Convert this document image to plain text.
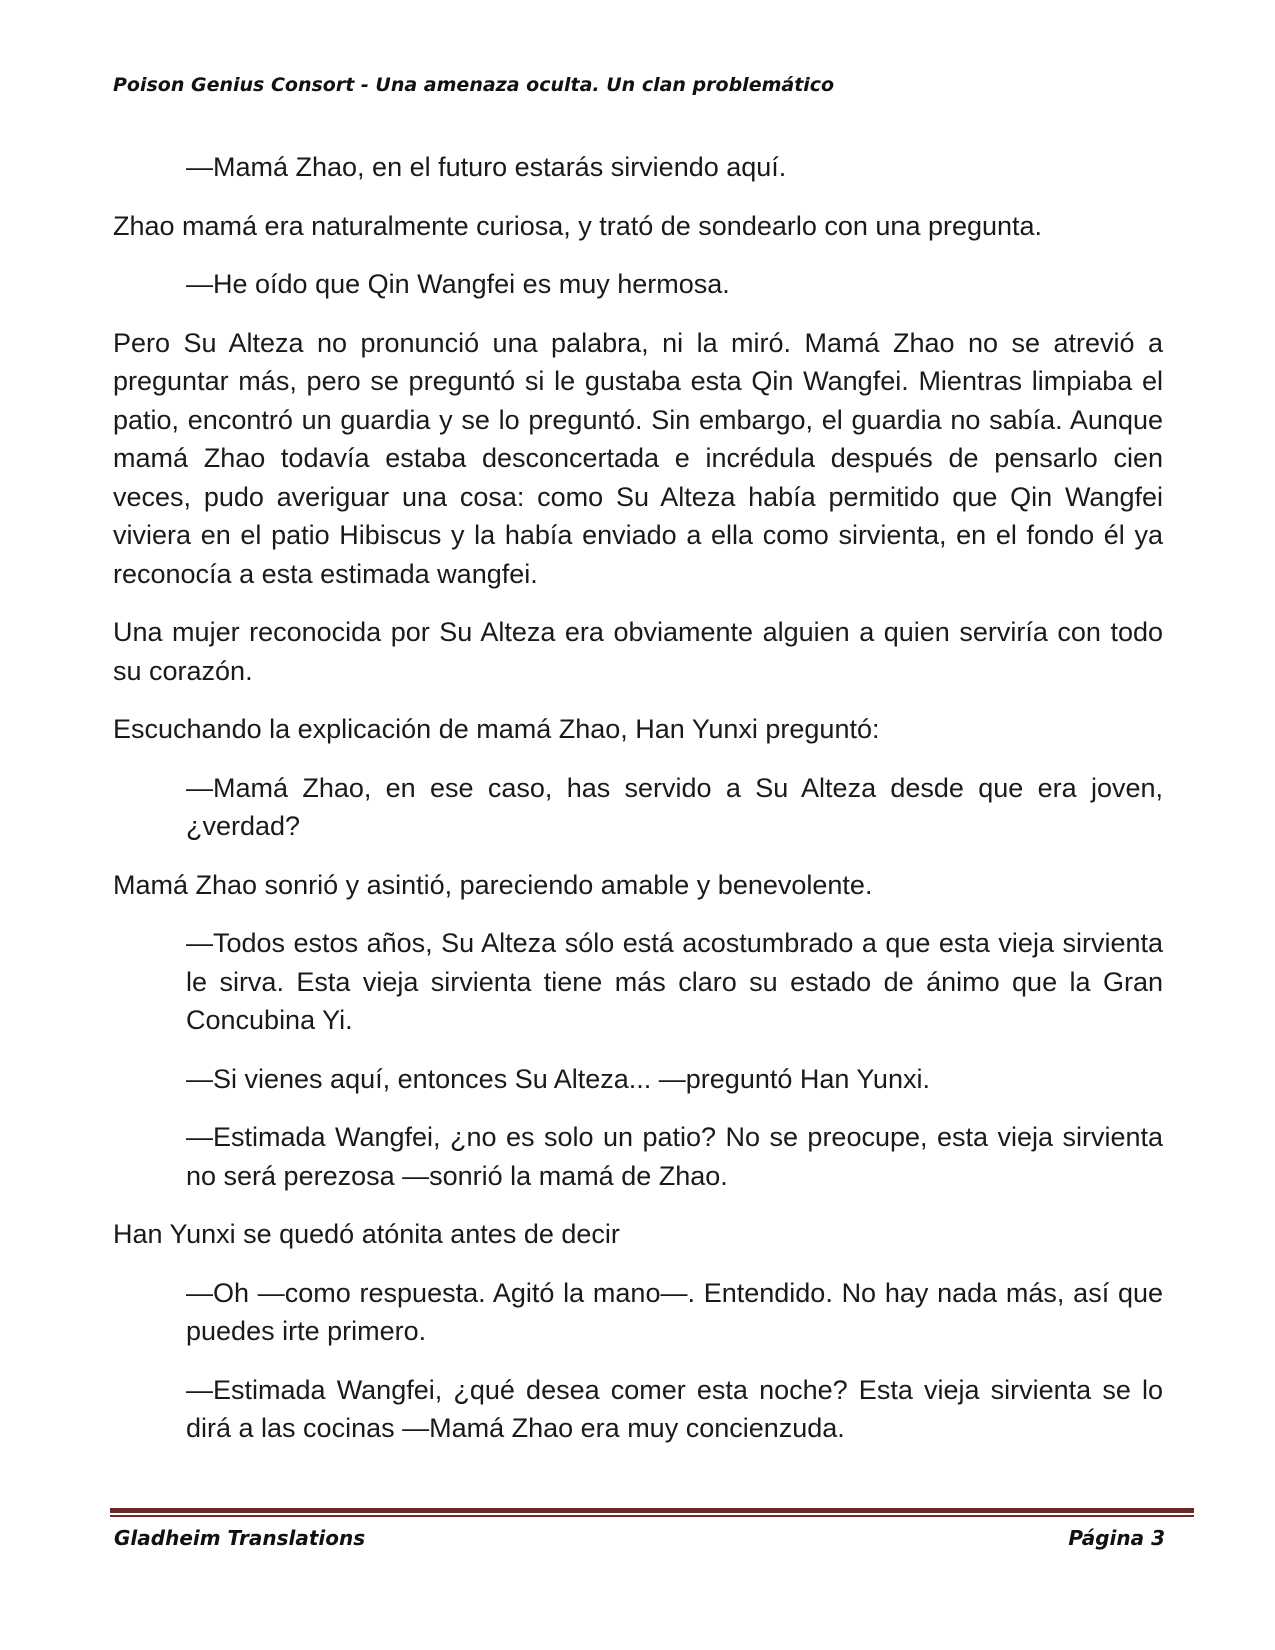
Poison Genius Consort - Una amenaza oculta. Un clan problemático

—Mamá Zhao, en el futuro estarás sirviendo aquí.

Zhao mamá era naturalmente curiosa, y trató de sondearlo con una pregunta.

—He oído que Qin Wangfei es muy hermosa.

Pero Su Alteza no pronunció una palabra, ni la miró. Mamá Zhao no se atrevió a preguntar más, pero se preguntó si le gustaba esta Qin Wangfei. Mientras limpiaba el patio, encontró un guardia y se lo preguntó. Sin embargo, el guardia no sabía. Aunque mamá Zhao todavía estaba desconcertada e incrédula después de pensarlo cien veces, pudo averiguar una cosa: como Su Alteza había permitido que Qin Wangfei viviera en el patio Hibiscus y la había enviado a ella como sirvienta, en el fondo él ya reconocía a esta estimada wangfei.

Una mujer reconocida por Su Alteza era obviamente alguien a quien serviría con todo su corazón.

Escuchando la explicación de mamá Zhao, Han Yunxi preguntó:

—Mamá Zhao, en ese caso, has servido a Su Alteza desde que era joven, ¿verdad?

Mamá Zhao sonrió y asintió, pareciendo amable y benevolente.

—Todos estos años, Su Alteza sólo está acostumbrado a que esta vieja sirvienta le sirva. Esta vieja sirvienta tiene más claro su estado de ánimo que la Gran Concubina Yi.

—Si vienes aquí, entonces Su Alteza... —preguntó Han Yunxi.

—Estimada Wangfei, ¿no es solo un patio? No se preocupe, esta vieja sirvienta no será perezosa —sonrió la mamá de Zhao.

Han Yunxi se quedó atónita antes de decir

—Oh —como respuesta. Agitó la mano—. Entendido. No hay nada más, así que puedes irte primero.

—Estimada Wangfei, ¿qué desea comer esta noche? Esta vieja sirvienta se lo dirá a las cocinas —Mamá Zhao era muy concienzuda.

Gladheim Translations	Página 3
